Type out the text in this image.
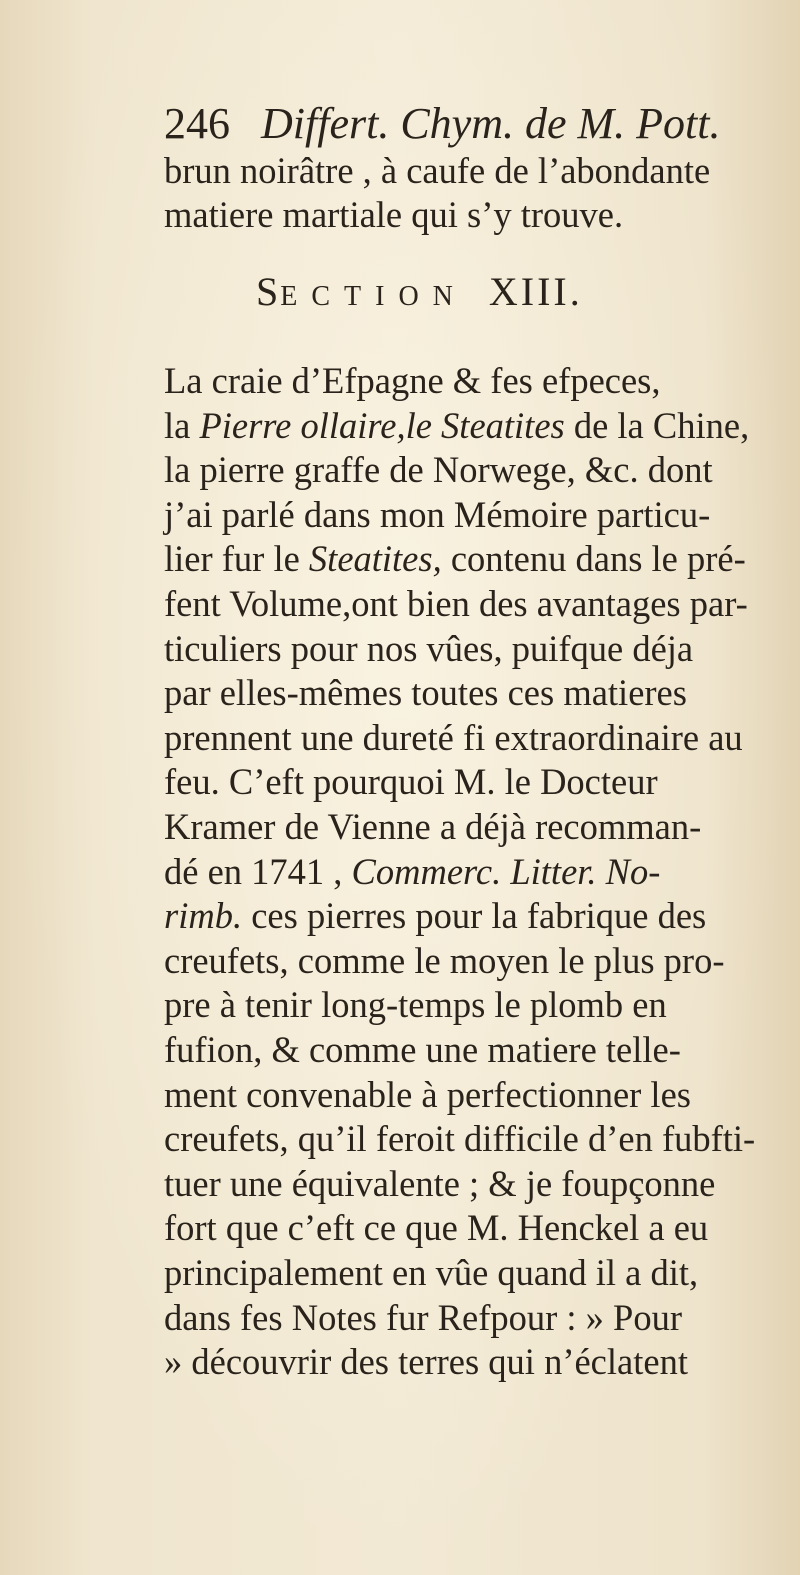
246 Differt. Chym. de M. Pott.
brun noirâtre , à caufe de l’abondante
matiere martiale qui s’y trouve.
SECTION XIII.
La craie d’Efpagne & fes efpeces,
la Pierre ollaire,le Steatites de la Chine,
la pierre graffe de Norwege, &c. dont
j’ai parlé dans mon Mémoire particu-
lier fur le Steatites, contenu dans le pré-
fent Volume,ont bien des avantages par-
ticuliers pour nos vûes, puifque déja
par elles-mêmes toutes ces matieres
prennent une dureté fi extraordinaire au
feu. C’eft pourquoi M. le Docteur
Kramer de Vienne a déjà recomman-
dé en 1741 , Commerc. Litter. No-
rimb. ces pierres pour la fabrique des
creufets, comme le moyen le plus pro-
pre à tenir long-temps le plomb en
fufion, & comme une matiere telle-
ment convenable à perfectionner les
creufets, qu’il feroit difficile d’en fubfti-
tuer une équivalente ; & je foupçonne
fort que c’eft ce que M. Henckel a eu
principalement en vûe quand il a dit,
dans fes Notes fur Refpour : » Pour
» découvrir des terres qui n’éclatent
